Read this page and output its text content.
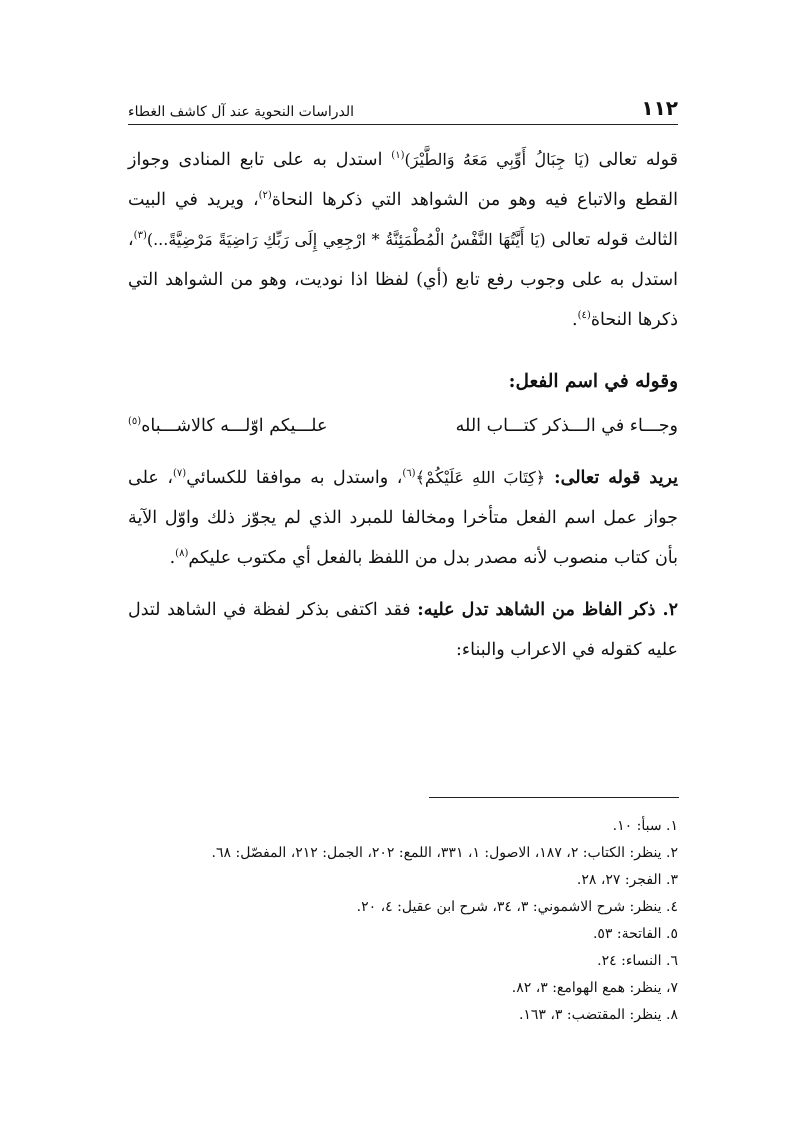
١١٢
الدراسات النحوية عند آل كاشف الغطاء

قوله تعالى (يَا جِبَالُ أَوِّبِي مَعَهُ وَالطَّيْرَ)$^{(١)}$ استدل به على تابع المنادى وجواز القطع والاتباع فيه وهو من الشواهد التي ذكرها النحاة$^{(٢)}$، ويريد في البيت الثالث قوله تعالى (يَا أَيَّتُهَا النَّفْسُ الْمُطْمَئِنَّةُ * ارْجِعِي إِلَى رَبِّكِ رَاضِيَةً مَرْضِيَّةً...)$^{(٣)}$، استدل به على وجوب رفع تابع (أي) لفظا اذا نوديت، وهو من الشواهد التي ذكرها النحاة$^{(٤)}$.

وقوله في اسم الفعل:
وجـــاء في الـــذكر كتـــاب الله
علـــيكم اوّلـــه كالاشـــباه$^{(٥)}$

يريد قوله تعالى: ﴿كِتَابَ اللهِ عَلَيْكُمْ﴾$^{(٦)}$، واستدل به موافقا للكسائي$^{(٧)}$، على جواز عمل اسم الفعل متأخرا ومخالفا للمبرد الذي لم يجوّز ذلك واوّل الآية بأن كتاب منصوب لأنه مصدر بدل من اللفظ بالفعل أي مكتوب عليكم$^{(٨)}$.

٢. ذكر الفاظ من الشاهد تدل عليه: فقد اكتفى بذكر لفظة في الشاهد لتدل عليه كقوله في الاعراب والبناء:

١. سبأ: ١٠.
٢. ينظر: الكتاب: ٢، ١٨٧، الاصول: ١، ٣٣١، اللمع: ٢٠٢، الجمل: ٢١٢، المفصّل: ٦٨.
٣. الفجر: ٢٧، ٢٨.
٤. ينظر: شرح الاشموني: ٣، ٣٤، شرح ابن عقيل: ٤، ٢٠.
٥. الفاتحة: ٥٣.
٦. النساء: ٢٤.
٧، ينظر: همع الهوامع: ٣، ٨٢.
٨. ينظر: المقتضب: ٣، ١٦٣.
